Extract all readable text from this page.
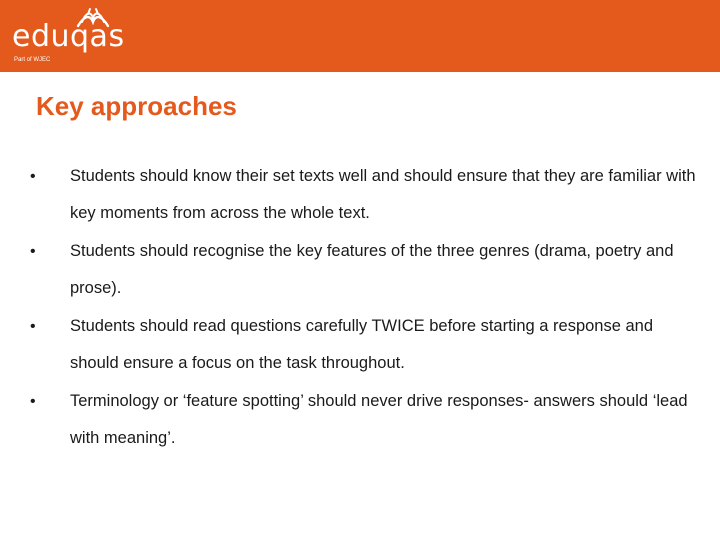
eduqas
Part of WJEC
Key approaches
• Students should know their set texts well and should ensure that they are familiar with key moments from across the whole text.
• Students should recognise the key features of the three genres (drama, poetry and prose).
• Students should read questions carefully TWICE before starting a response and should ensure a focus on the task throughout.
• Terminology or ‘feature spotting’ should never drive responses- answers should ‘lead with meaning’.
